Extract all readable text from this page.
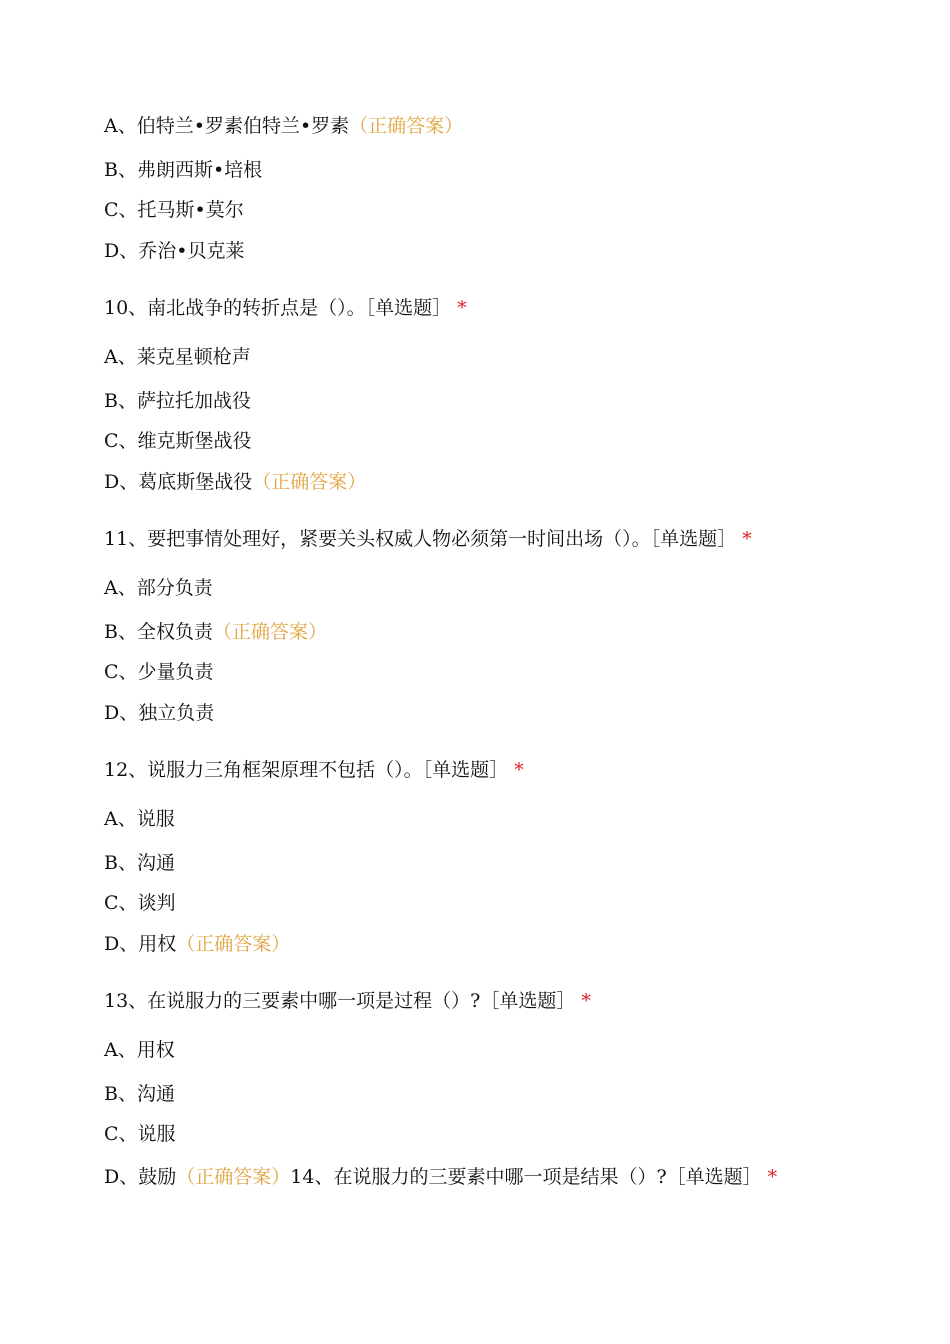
A、伯特兰•罗素伯特兰•罗素（正确答案）
B、弗朗西斯•培根
C、托马斯•莫尔
D、乔治•贝克莱
10、南北战争的转折点是（）。［单选题］ *
A、莱克星顿枪声
B、萨拉托加战役
C、维克斯堡战役
D、葛底斯堡战役（正确答案）
11、要把事情处理好，紧要关头权威人物必须第一时间出场（）。［单选题］ *
A、部分负责
B、全权负责（正确答案）
C、少量负责
D、独立负责
12、说服力三角框架原理不包括（）。［单选题］ *
A、说服
B、沟通
C、谈判
D、用权（正确答案）
13、在说服力的三要素中哪一项是过程（）?［单选题］ *
A、用权
B、沟通
C、说服
D、鼓励（正确答案）14、在说服力的三要素中哪一项是结果（）?［单选题］ *
